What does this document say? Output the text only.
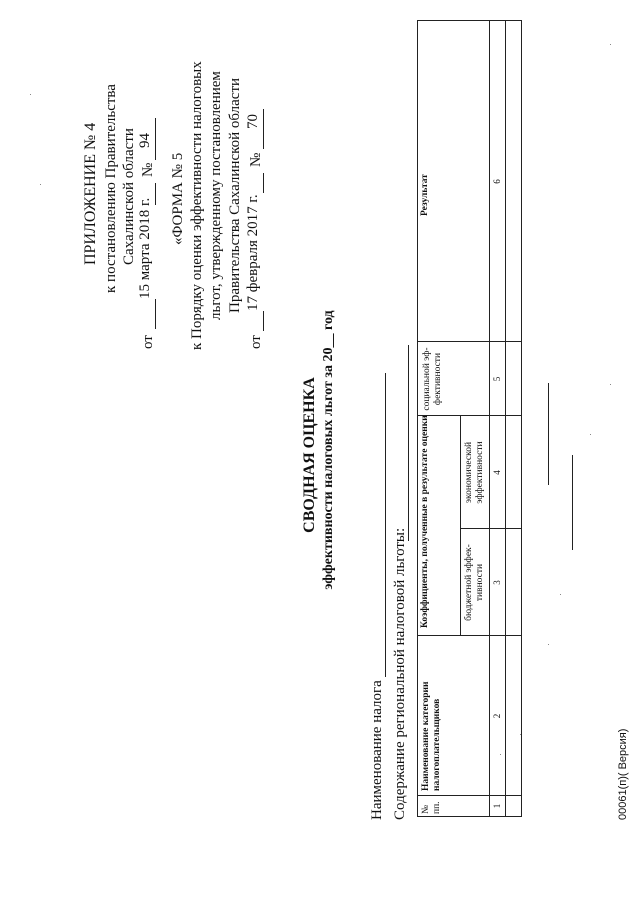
ПРИЛОЖЕНИЕ № 4 к постановлению Правительства Сахалинской области
от
15 марта 2018 г.
№
94
«ФОРМА № 5 к Порядку оценки эффективности налоговых льгот, утвержденному постановлением Правительства Сахалинской области
от
17 февраля 2017 г.
№
70
СВОДНАЯ ОЦЕНКА эффективности налоговых льгот за 20__ год
Наименование налога Содержание региональной налоговой льготы: № пп.
Наименование категории налогоплательщиков
Коэффициенты, полученные в результате оценки	бюджетной эффек-тивности
экономической эффективности
социальной эф-фективности
Результат
1
2
3
4
5
6
00061(п)( Версия)
